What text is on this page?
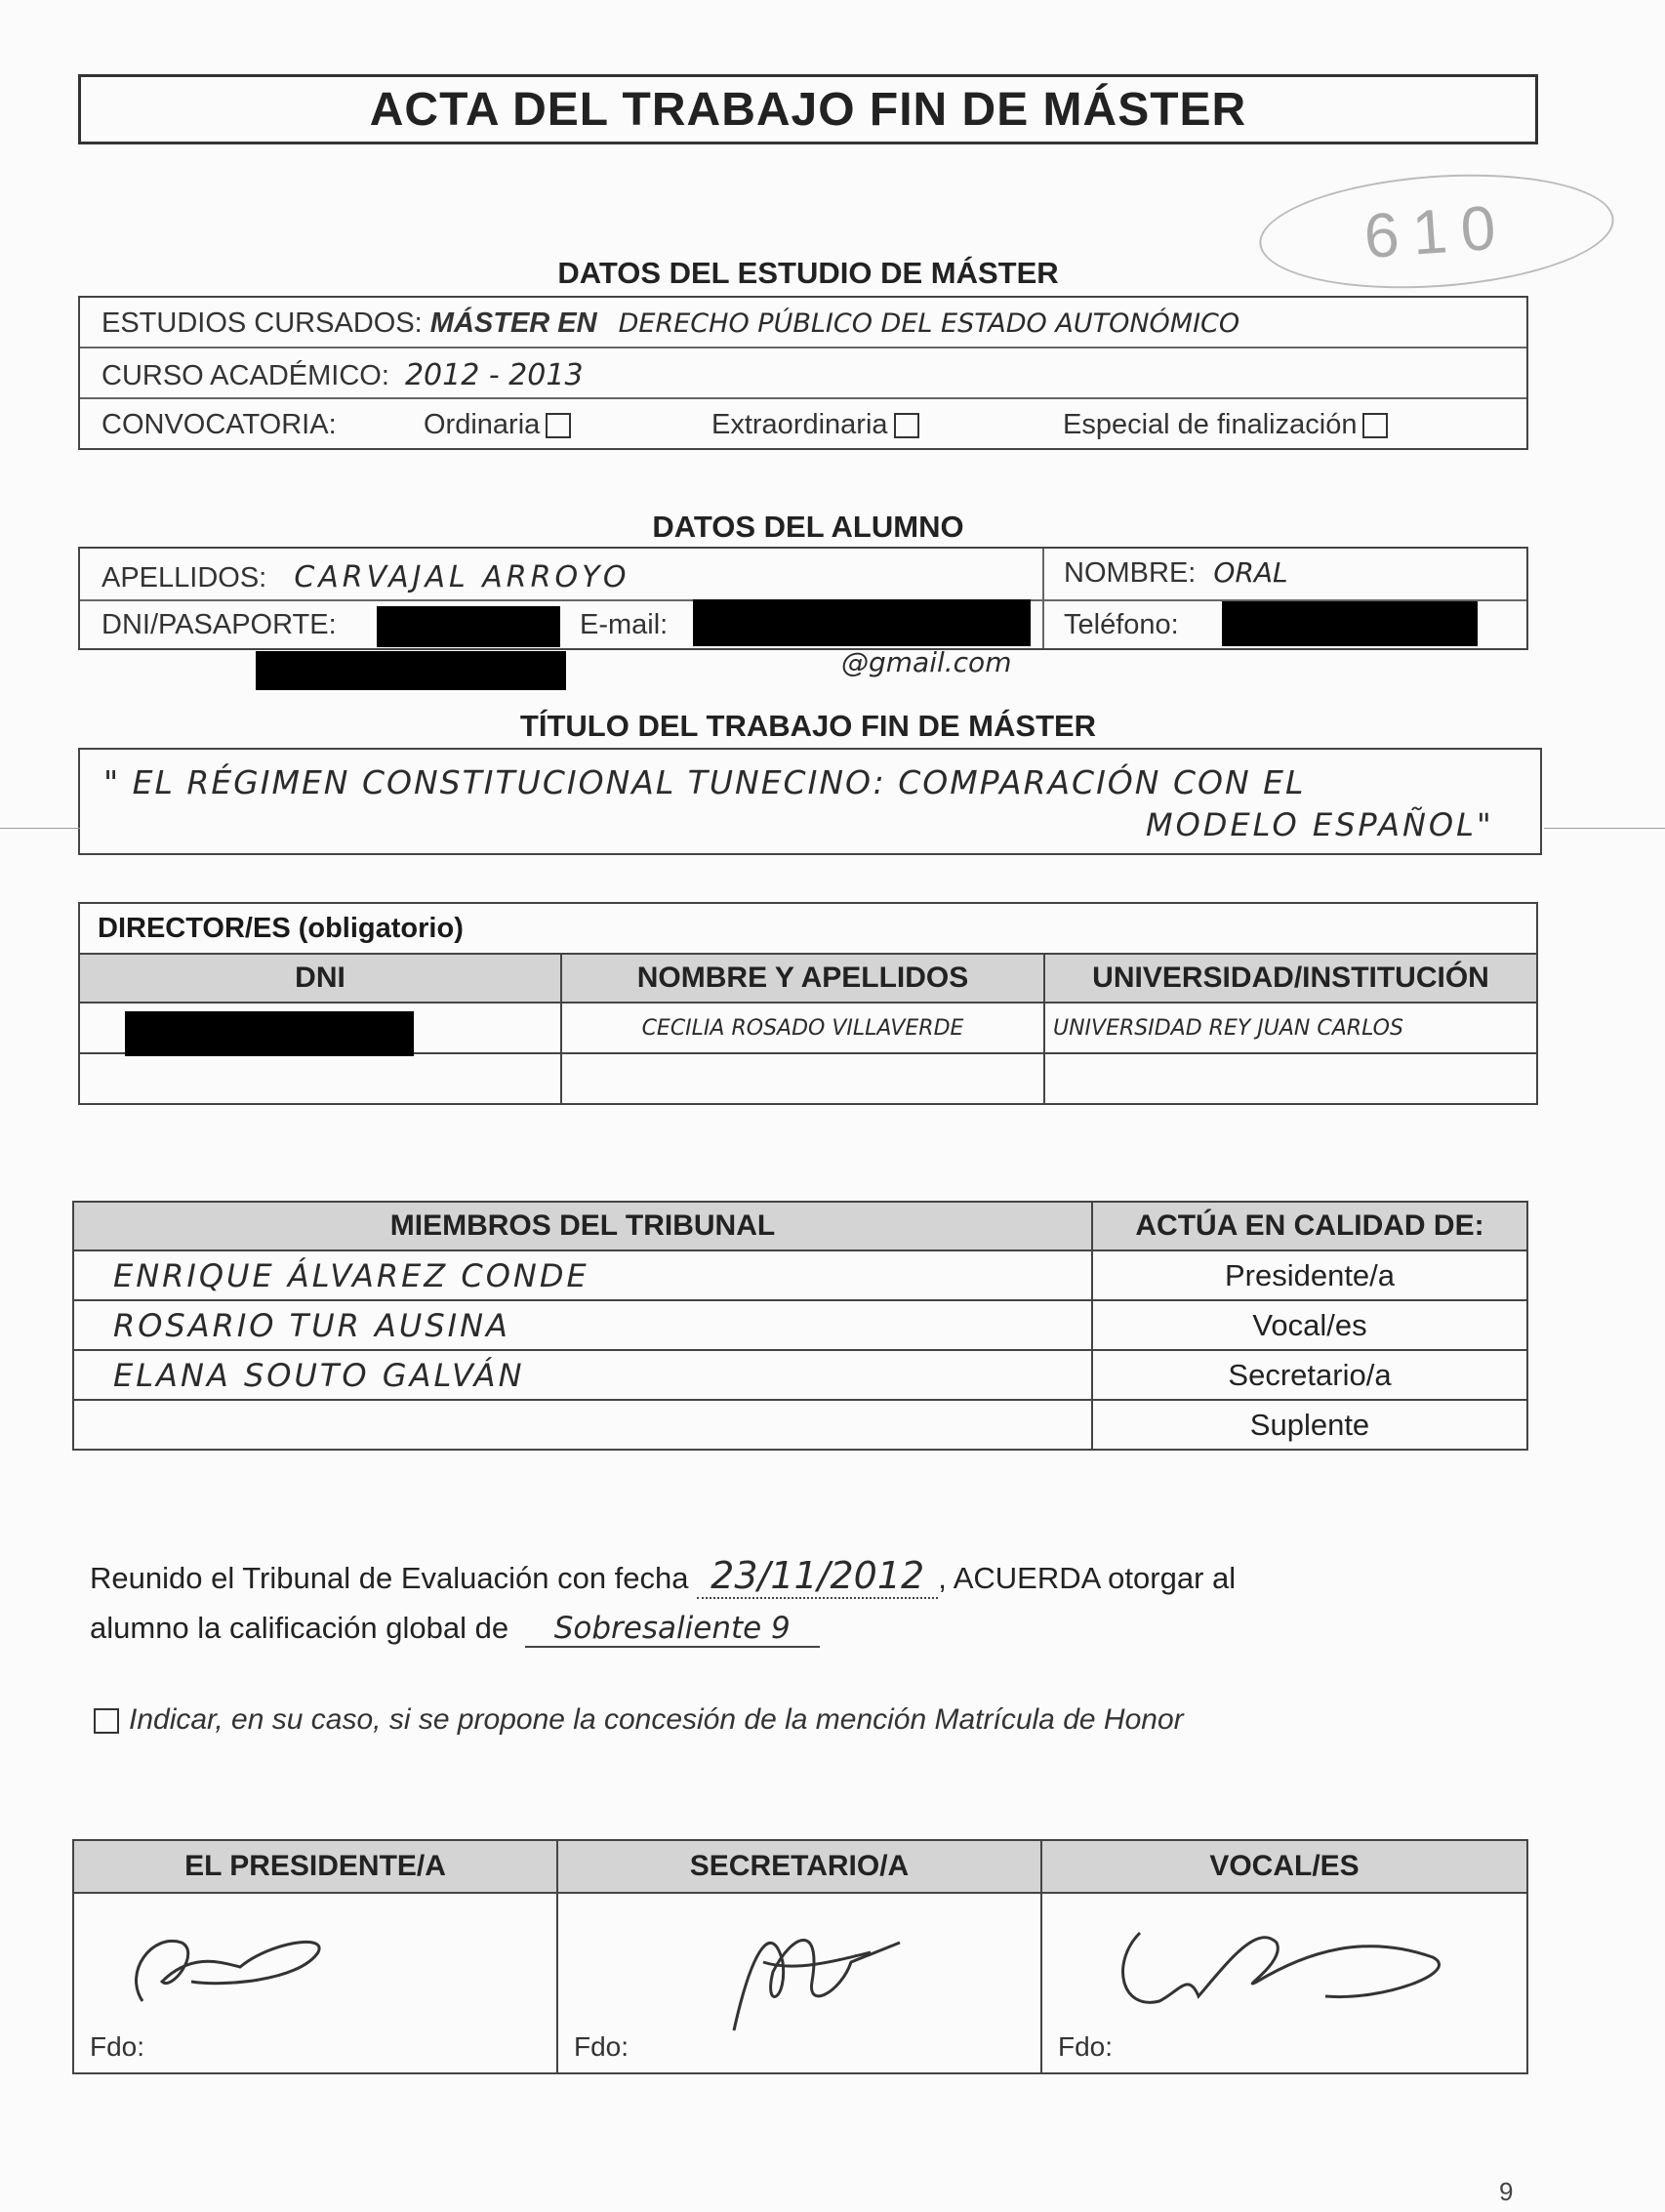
ACTA DEL TRABAJO FIN DE MÁSTER
610
DATOS DEL ESTUDIO DE MÁSTER
ESTUDIOS CURSADOS: MÁSTER EN DERECHO PÚBLICO DEL ESTADO AUTONÓMICO
CURSO ACADÉMICO: 2012 - 2013
CONVOCATORIA:	Ordinaria	Extraordinaria	Especial de finalización
DATOS DEL ALUMNO
APELLIDOS: CARVAJAL ARROYO	NOMBRE: ORAL
DNI/PASAPORTE:	E-mail:	Teléfono:
@gmail.com
TÍTULO DEL TRABAJO FIN DE MÁSTER
" EL RÉGIMEN CONSTITUCIONAL TUNECINO: COMPARACIÓN CON EL
MODELO ESPAÑOL"
DIRECTOR/ES (obligatorio)		
DNI	NOMBRE Y APELLIDOS	UNIVERSIDAD/INSTITUCIÓN
	CECILIA ROSADO VILLAVERDE	UNIVERSIDAD REY JUAN CARLOS

MIEMBROS DEL TRIBUNAL	ACTÚA EN CALIDAD DE:
ENRIQUE ÁLVAREZ CONDE	Presidente/a
ROSARIO TUR AUSINA	Vocal/es
ELANA SOUTO GALVÁN	Secretario/a
	Suplente
Reunido el Tribunal de Evaluación con fecha 23/11/2012 , ACUERDA otorgar al
alumno la calificación global de Sobresaliente 9
Indicar, en su caso, si se propone la concesión de la mención Matrícula de Honor
EL PRESIDENTE/A	SECRETARIO/A	VOCAL/ES

Fdo:	Fdo:	Fdo:
9
